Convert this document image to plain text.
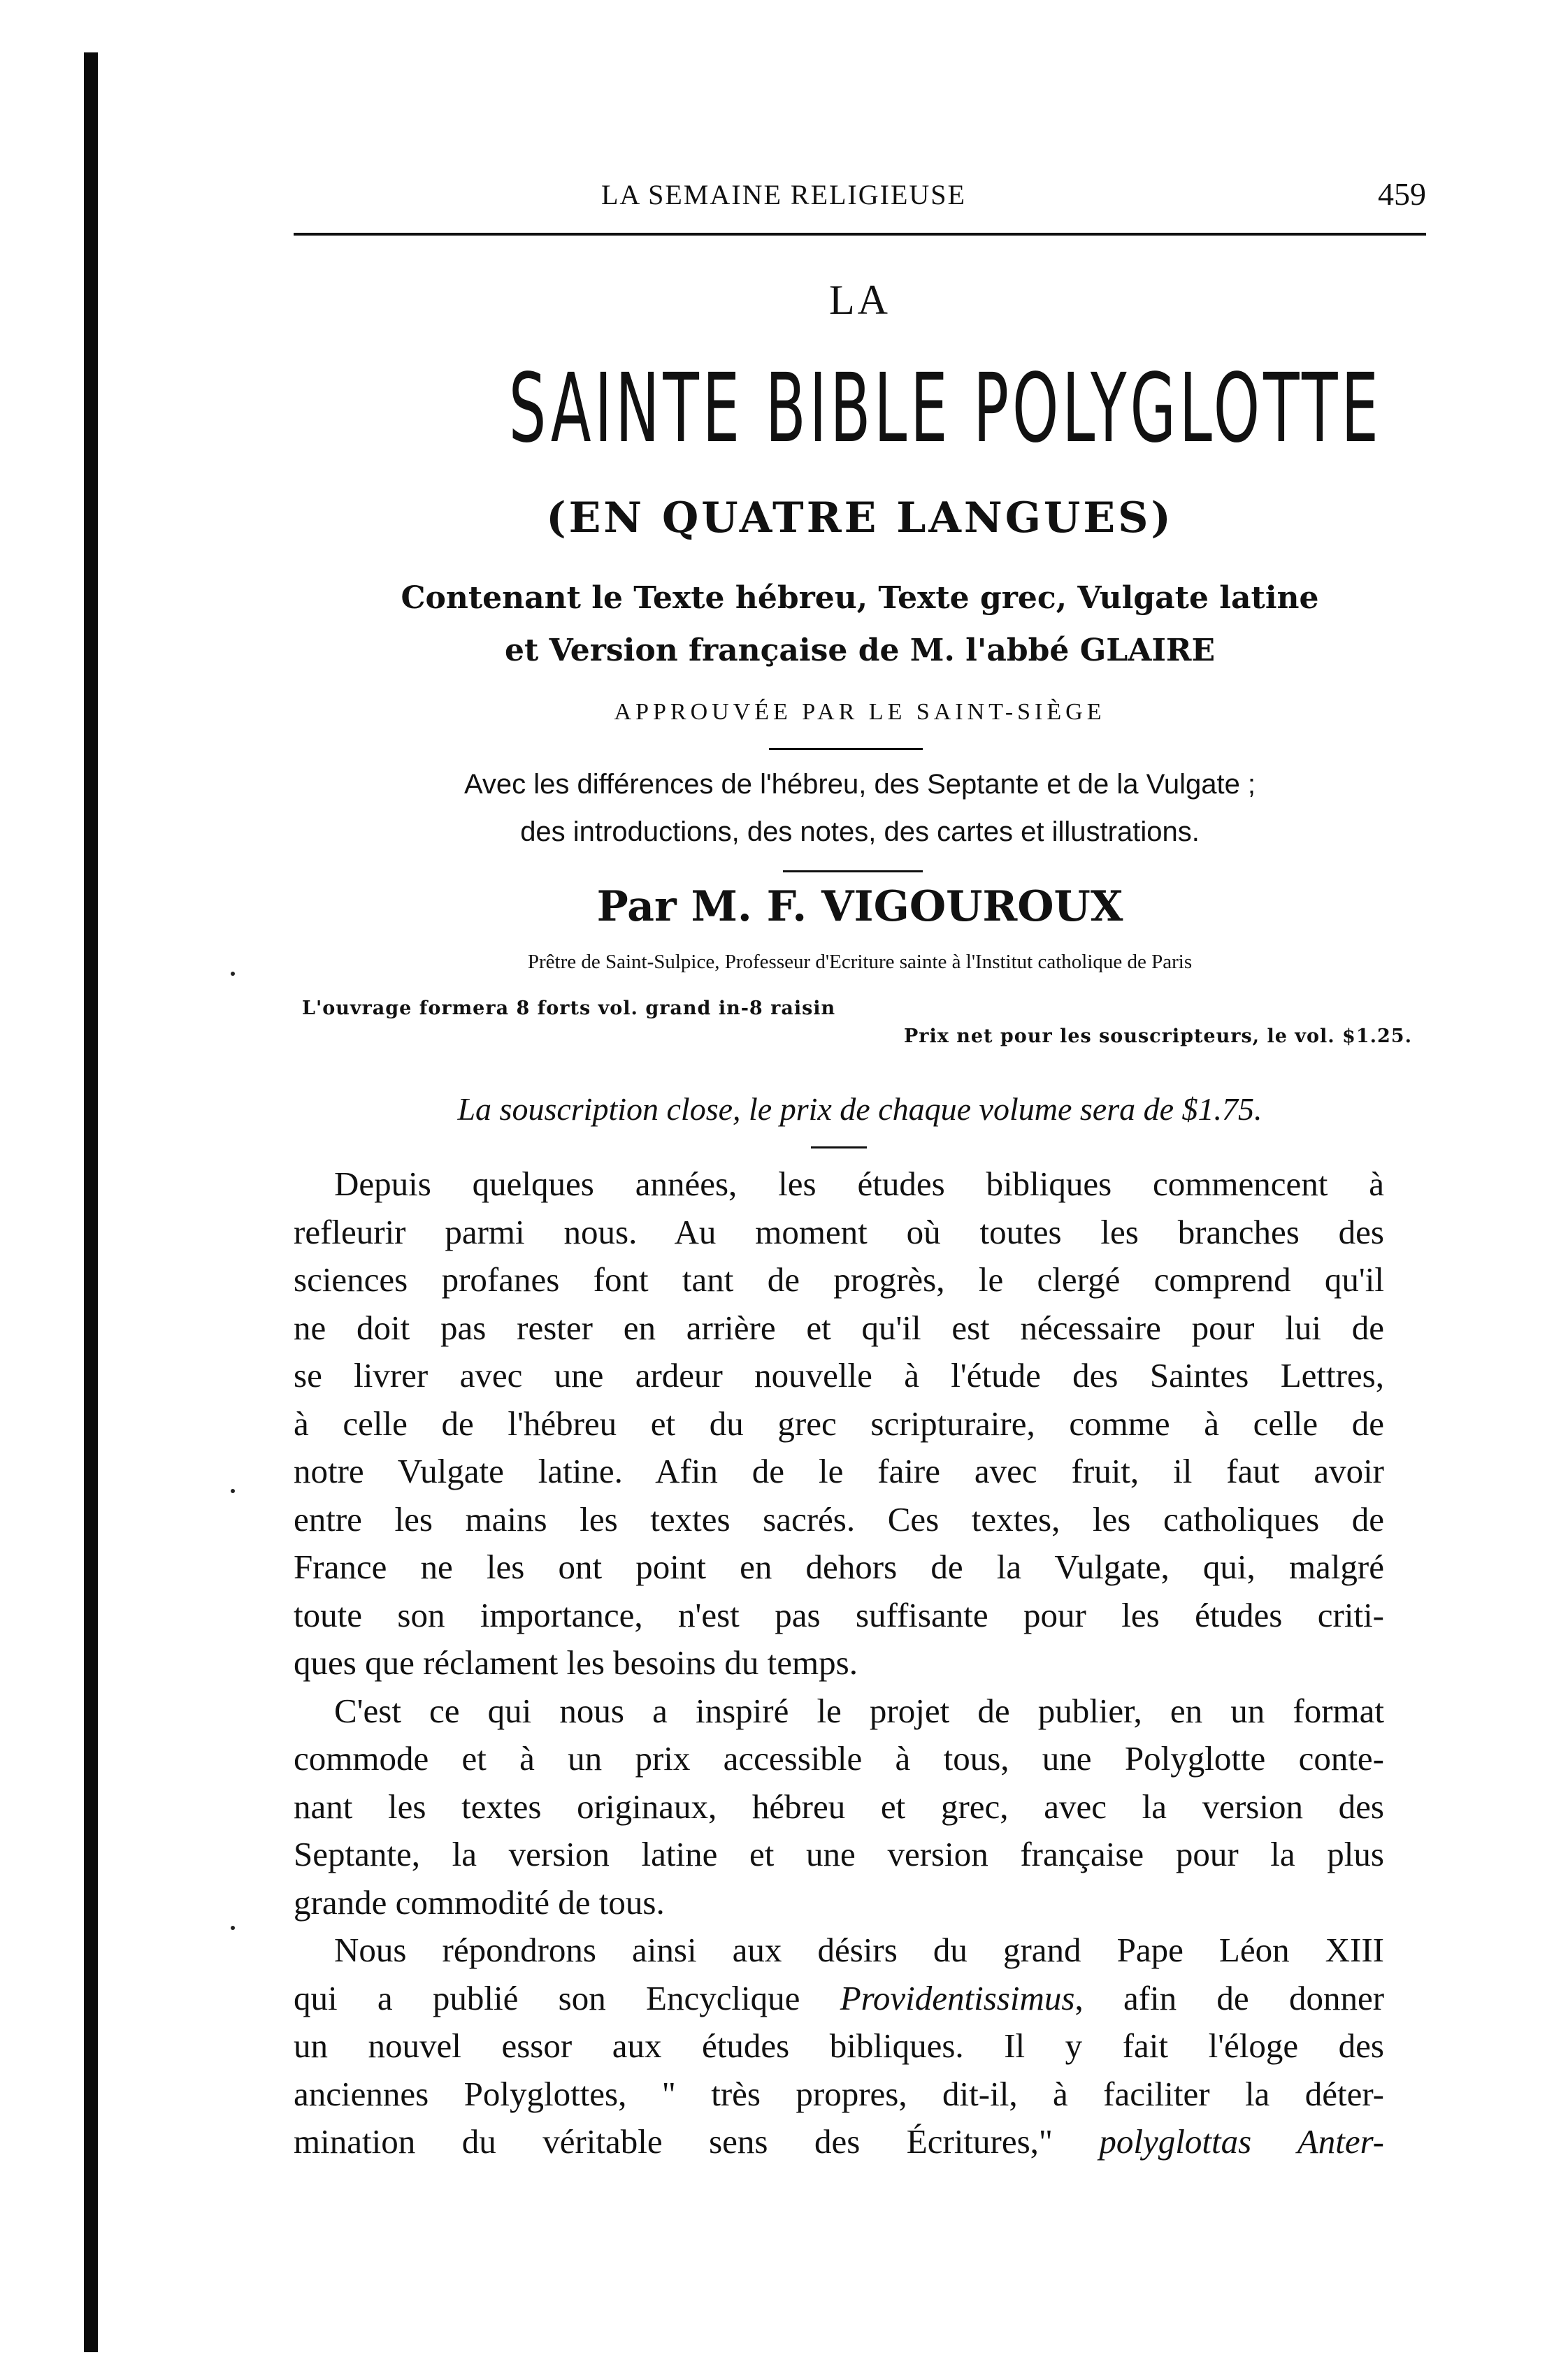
LA SEMAINE RELIGIEUSE	459
LA
SAINTE BIBLE POLYGLOTTE
(EN QUATRE LANGUES)
Contenant le Texte hébreu, Texte grec, Vulgate latine
et Version française de M. l'abbé GLAIRE
APPROUVÉE PAR LE SAINT-SIÈGE
Avec les différences de l'hébreu, des Septante et de la Vulgate ;
des introductions, des notes, des cartes et illustrations.
Par M. F. VIGOUROUX
Prêtre de Saint-Sulpice, Professeur d'Ecriture sainte à l'Institut catholique de Paris
L'ouvrage formera 8 forts vol. grand in-8 raisin
Prix net pour les souscripteurs, le vol. $1.25.
La souscription close, le prix de chaque volume sera de $1.75.
Depuis quelques années, les études bibliques commencent à
refleurir parmi nous. Au moment où toutes les branches des
sciences profanes font tant de progrès, le clergé comprend qu'il
ne doit pas rester en arrière et qu'il est nécessaire pour lui de
se livrer avec une ardeur nouvelle à l'étude des Saintes Lettres,
à celle de l'hébreu et du grec scripturaire, comme à celle de
notre Vulgate latine. Afin de le faire avec fruit, il faut avoir
entre les mains les textes sacrés. Ces textes, les catholiques de
France ne les ont point en dehors de la Vulgate, qui, malgré
toute son importance, n'est pas suffisante pour les études criti-
ques que réclament les besoins du temps.
C'est ce qui nous a inspiré le projet de publier, en un format
commode et à un prix accessible à tous, une Polyglotte conte-
nant les textes originaux, hébreu et grec, avec la version des
Septante, la version latine et une version française pour la plus
grande commodité de tous.
Nous répondrons ainsi aux désirs du grand Pape Léon XIII
qui a publié son Encyclique Providentissimus, afin de donner
un nouvel essor aux études bibliques. Il y fait l'éloge des
anciennes Polyglottes, " très propres, dit-il, à faciliter la déter-
mination du véritable sens des Écritures," polyglottas Anter-
